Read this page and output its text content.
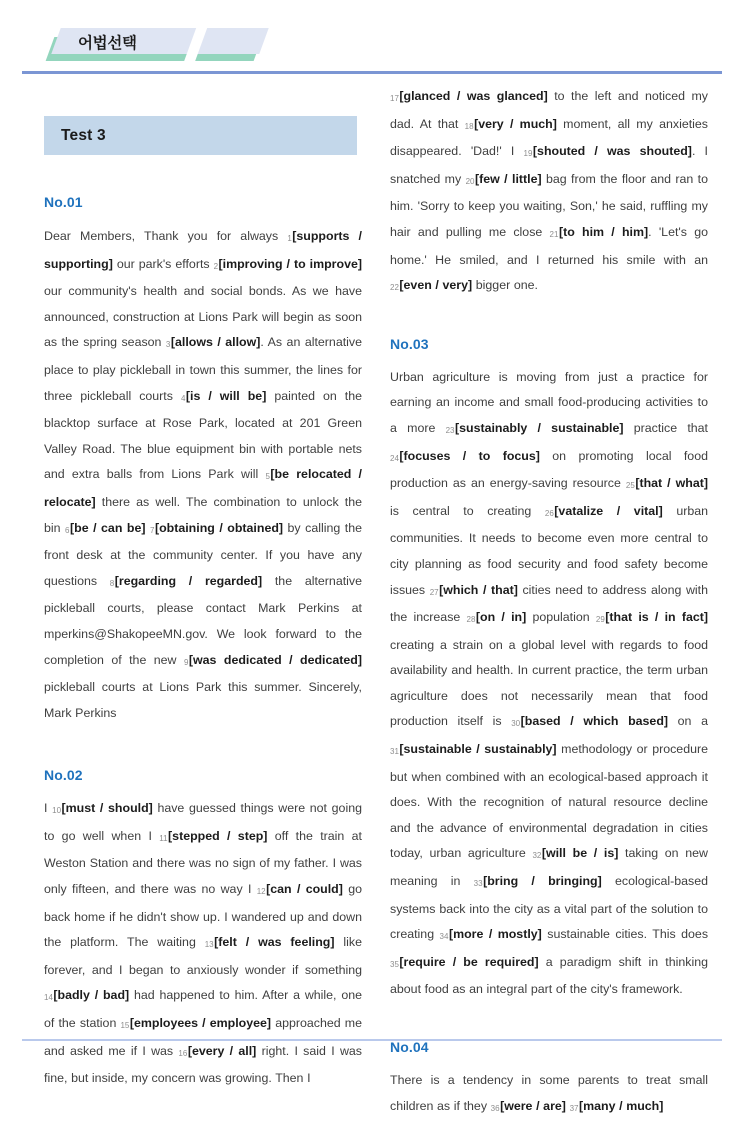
어법선택
Test 3
No.01
Dear Members, Thank you for always 1[supports / supporting] our park's efforts 2[improving / to improve] our community's health and social bonds. As we have announced, construction at Lions Park will begin as soon as the spring season 3[allows / allow]. As an alternative place to play pickleball in town this summer, the lines for three pickleball courts 4[is / will be] painted on the blacktop surface at Rose Park, located at 201 Green Valley Road. The blue equipment bin with portable nets and extra balls from Lions Park will 5[be relocated / relocate] there as well. The combination to unlock the bin 6[be / can be] 7[obtaining / obtained] by calling the front desk at the community center. If you have any questions 8[regarding / regarded] the alternative pickleball courts, please contact Mark Perkins at mperkins@ShakopeeMN.gov. We look forward to the completion of the new 9[was dedicated / dedicated] pickleball courts at Lions Park this summer. Sincerely, Mark Perkins
No.02
I 10[must / should] have guessed things were not going to go well when I 11[stepped / step] off the train at Weston Station and there was no sign of my father. I was only fifteen, and there was no way I 12[can / could] go back home if he didn't show up. I wandered up and down the platform. The waiting 13[felt / was feeling] like forever, and I began to anxiously wonder if something 14[badly / bad] had happened to him. After a while, one of the station 15[employees / employee] approached me and asked me if I was 16[every / all] right. I said I was fine, but inside, my concern was growing. Then I
17[glanced / was glanced] to the left and noticed my dad. At that 18[very / much] moment, all my anxieties disappeared. 'Dad!' I 19[shouted / was shouted]. I snatched my 20[few / little] bag from the floor and ran to him. 'Sorry to keep you waiting, Son,' he said, ruffling my hair and pulling me close 21[to him / him]. 'Let's go home.' He smiled, and I returned his smile with an 22[even / very] bigger one.
No.03
Urban agriculture is moving from just a practice for earning an income and small food-producing activities to a more 23[sustainably / sustainable] practice that 24[focuses / to focus] on promoting local food production as an energy-saving resource 25[that / what] is central to creating 26[vatalize / vital] urban communities. It needs to become even more central to city planning as food security and food safety become issues 27[which / that] cities need to address along with the increase 28[on / in] population 29[that is / in fact] creating a strain on a global level with regards to food availability and health. In current practice, the term urban agriculture does not necessarily mean that food production itself is 30[based / which based] on a 31[sustainable / sustainably] methodology or procedure but when combined with an ecological-based approach it does. With the recognition of natural resource decline and the advance of environmental degradation in cities today, urban agriculture 32[will be / is] taking on new meaning in 33[bring / bringing] ecological-based systems back into the city as a vital part of the solution to creating 34[more / mostly] sustainable cities. This does 35[require / be required] a paradigm shift in thinking about food as an integral part of the city's framework.
No.04
There is a tendency in some parents to treat small children as if they 36[were / are] 37[many / much]
